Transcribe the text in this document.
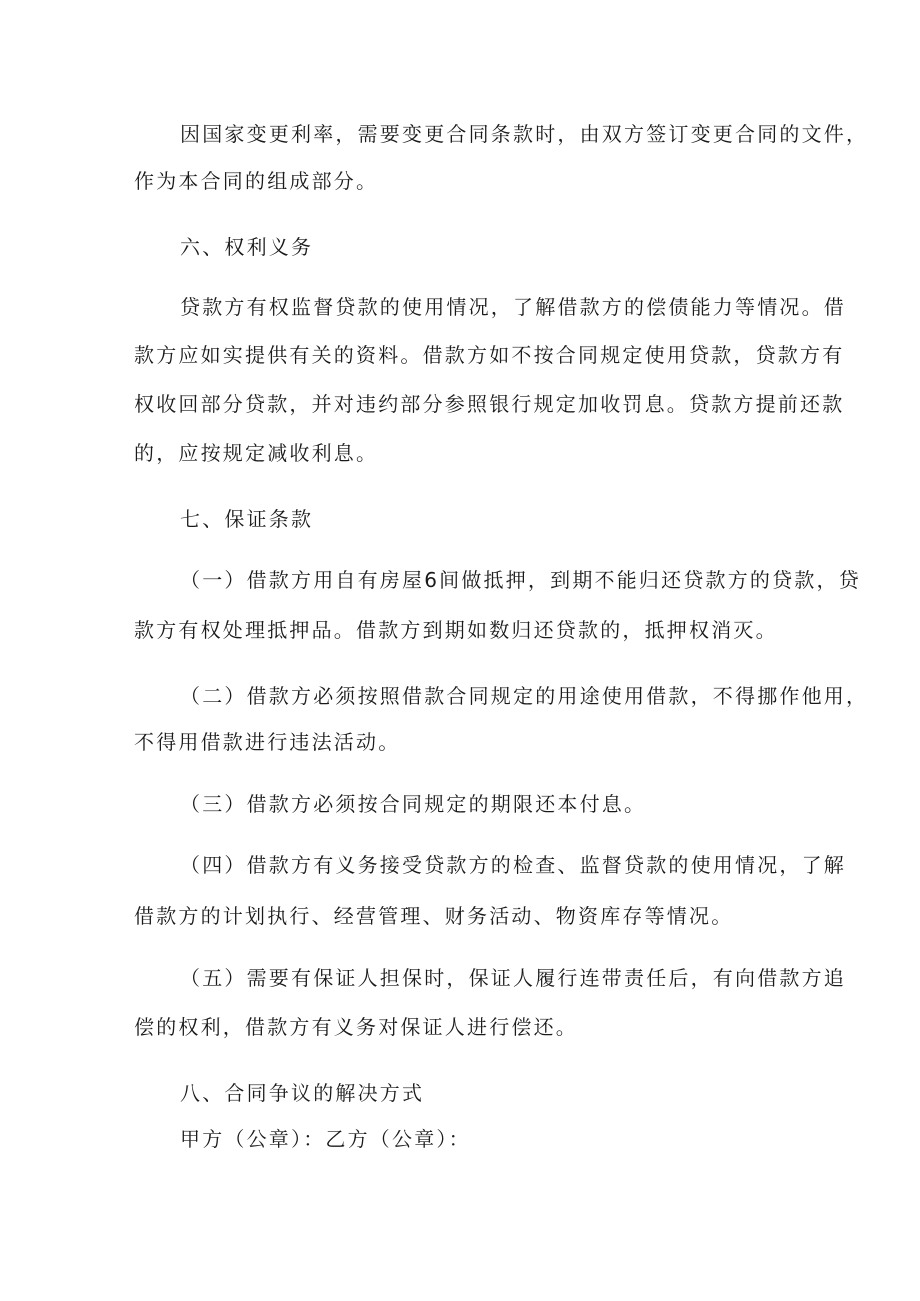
因国家变更利率，需要变更合同条款时，由双方签订变更合同的文件，
作为本合同的组成部分。
六、权利义务
贷款方有权监督贷款的使用情况，了解借款方的偿债能力等情况。借
款方应如实提供有关的资料。借款方如不按合同规定使用贷款，贷款方有
权收回部分贷款，并对违约部分参照银行规定加收罚息。贷款方提前还款
的，应按规定减收利息。
七、保证条款
（一）借款方用自有房屋6间做抵押，到期不能归还贷款方的贷款，贷
款方有权处理抵押品。借款方到期如数归还贷款的，抵押权消灭。
（二）借款方必须按照借款合同规定的用途使用借款，不得挪作他用，
不得用借款进行违法活动。
（三）借款方必须按合同规定的期限还本付息。
（四）借款方有义务接受贷款方的检查、监督贷款的使用情况，了解
借款方的计划执行、经营管理、财务活动、物资库存等情况。
（五）需要有保证人担保时，保证人履行连带责任后，有向借款方追
偿的权利，借款方有义务对保证人进行偿还。
八、合同争议的解决方式
甲方（公章）：乙方（公章）：
